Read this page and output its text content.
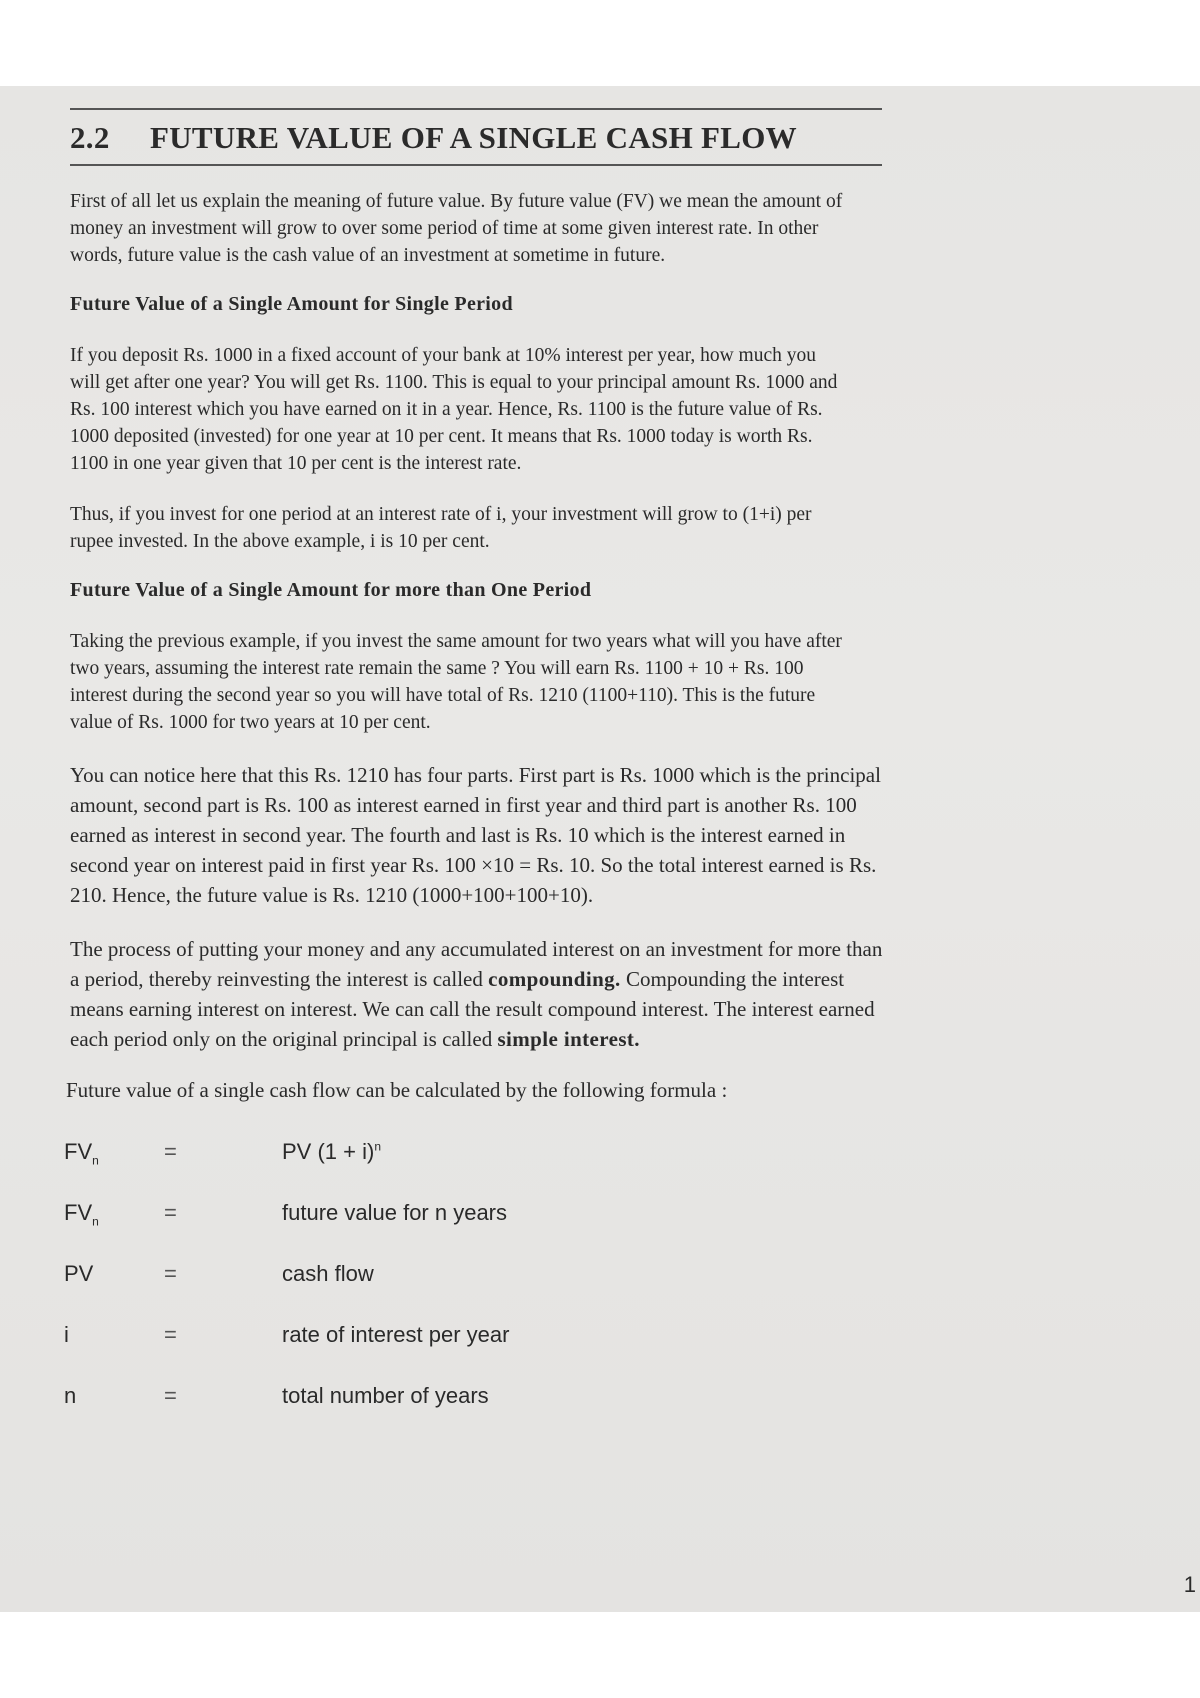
2.2	FUTURE VALUE OF A SINGLE CASH FLOW

First of all let us explain the meaning of future value. By future value (FV) we mean the amount of money an investment will grow to over some period of time at some given interest rate. In other words, future value is the cash value of an investment at sometime in future.

Future Value of a Single Amount for Single Period

If you deposit Rs. 1000 in a fixed account of your bank at 10% interest per year, how much you will get after one year? You will get Rs. 1100. This is equal to your principal amount Rs. 1000 and Rs. 100 interest which you have earned on it in a year. Hence, Rs. 1100 is the future value of Rs. 1000 deposited (invested) for one year at 10 per cent. It means that Rs. 1000 today is worth Rs. 1100 in one year given that 10 per cent is the interest rate.

Thus, if you invest for one period at an interest rate of i, your investment will grow to (1+i) per rupee invested. In the above example, i is 10 per cent.

Future Value of a Single Amount for more than One Period

Taking the previous example, if you invest the same amount for two years what will you have after two years, assuming the interest rate remain the same ? You will earn Rs. 1100 + 10 + Rs. 100 interest during the second year so you will have total of Rs. 1210 (1100+110). This is the future value of Rs. 1000 for two years at 10 per cent.

You can notice here that this Rs. 1210 has four parts. First part is Rs. 1000 which is the principal amount, second part is Rs. 100 as interest earned in first year and third part is another Rs. 100 earned as interest in second year. The fourth and last is Rs. 10 which is the interest earned in second year on interest paid in first year Rs. 100 ×10 = Rs. 10. So the total interest earned is Rs. 210. Hence, the future value is Rs. 1210 (1000+100+100+10).

The process of putting your money and any accumulated interest on an investment for more than a period, thereby reinvesting the interest is called compounding. Compounding the interest means earning interest on interest. We can call the result compound interest. The interest earned each period only on the original principal is called simple interest.

Future value of a single cash flow can be calculated by the following formula :
$FV_n$	=	PV $(1 + i)^n$
$FV_n$	=	future value for n years
PV	=	cash flow
i	=	rate of interest per year
n	=	total number of years
1
